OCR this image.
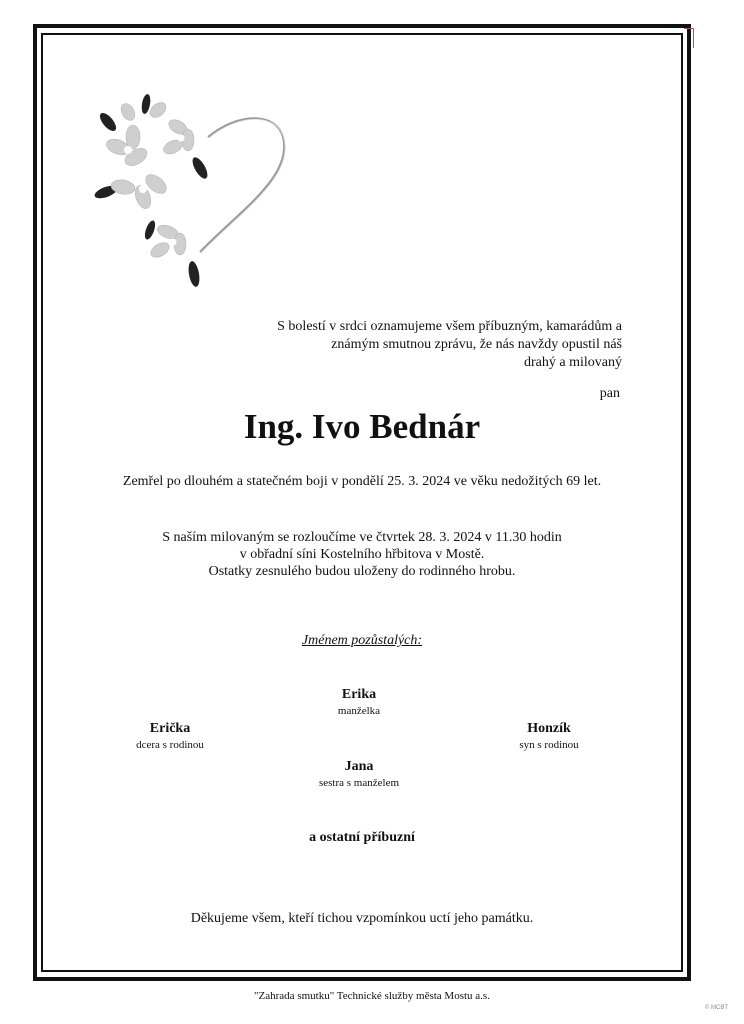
S bolestí v srdci oznamujeme všem příbuzným, kamarádům a
známým smutnou zprávu, že nás navždy opustil náš
drahý a milovaný
pan
Ing. Ivo Bednár
Zemřel po dlouhém a statečném boji v pondělí 25. 3. 2024 ve věku nedožitých 69 let.
S naším milovaným se rozloučíme ve čtvrtek 28. 3. 2024 v 11.30 hodin
v obřadní síni Kostelního hřbitova v Mostě.
Ostatky zesnulého budou uloženy do rodinného hrobu.
Jménem pozůstalých:
Erika
manželka
Erička
dcera s rodinou
Honzík
syn s rodinou
Jana
sestra s manželem
a ostatní příbuzní
Děkujeme všem, kteří tichou vzpomínkou uctí jeho památku.
"Zahrada smutku" Technické služby města Mostu a.s.
© MCBT
